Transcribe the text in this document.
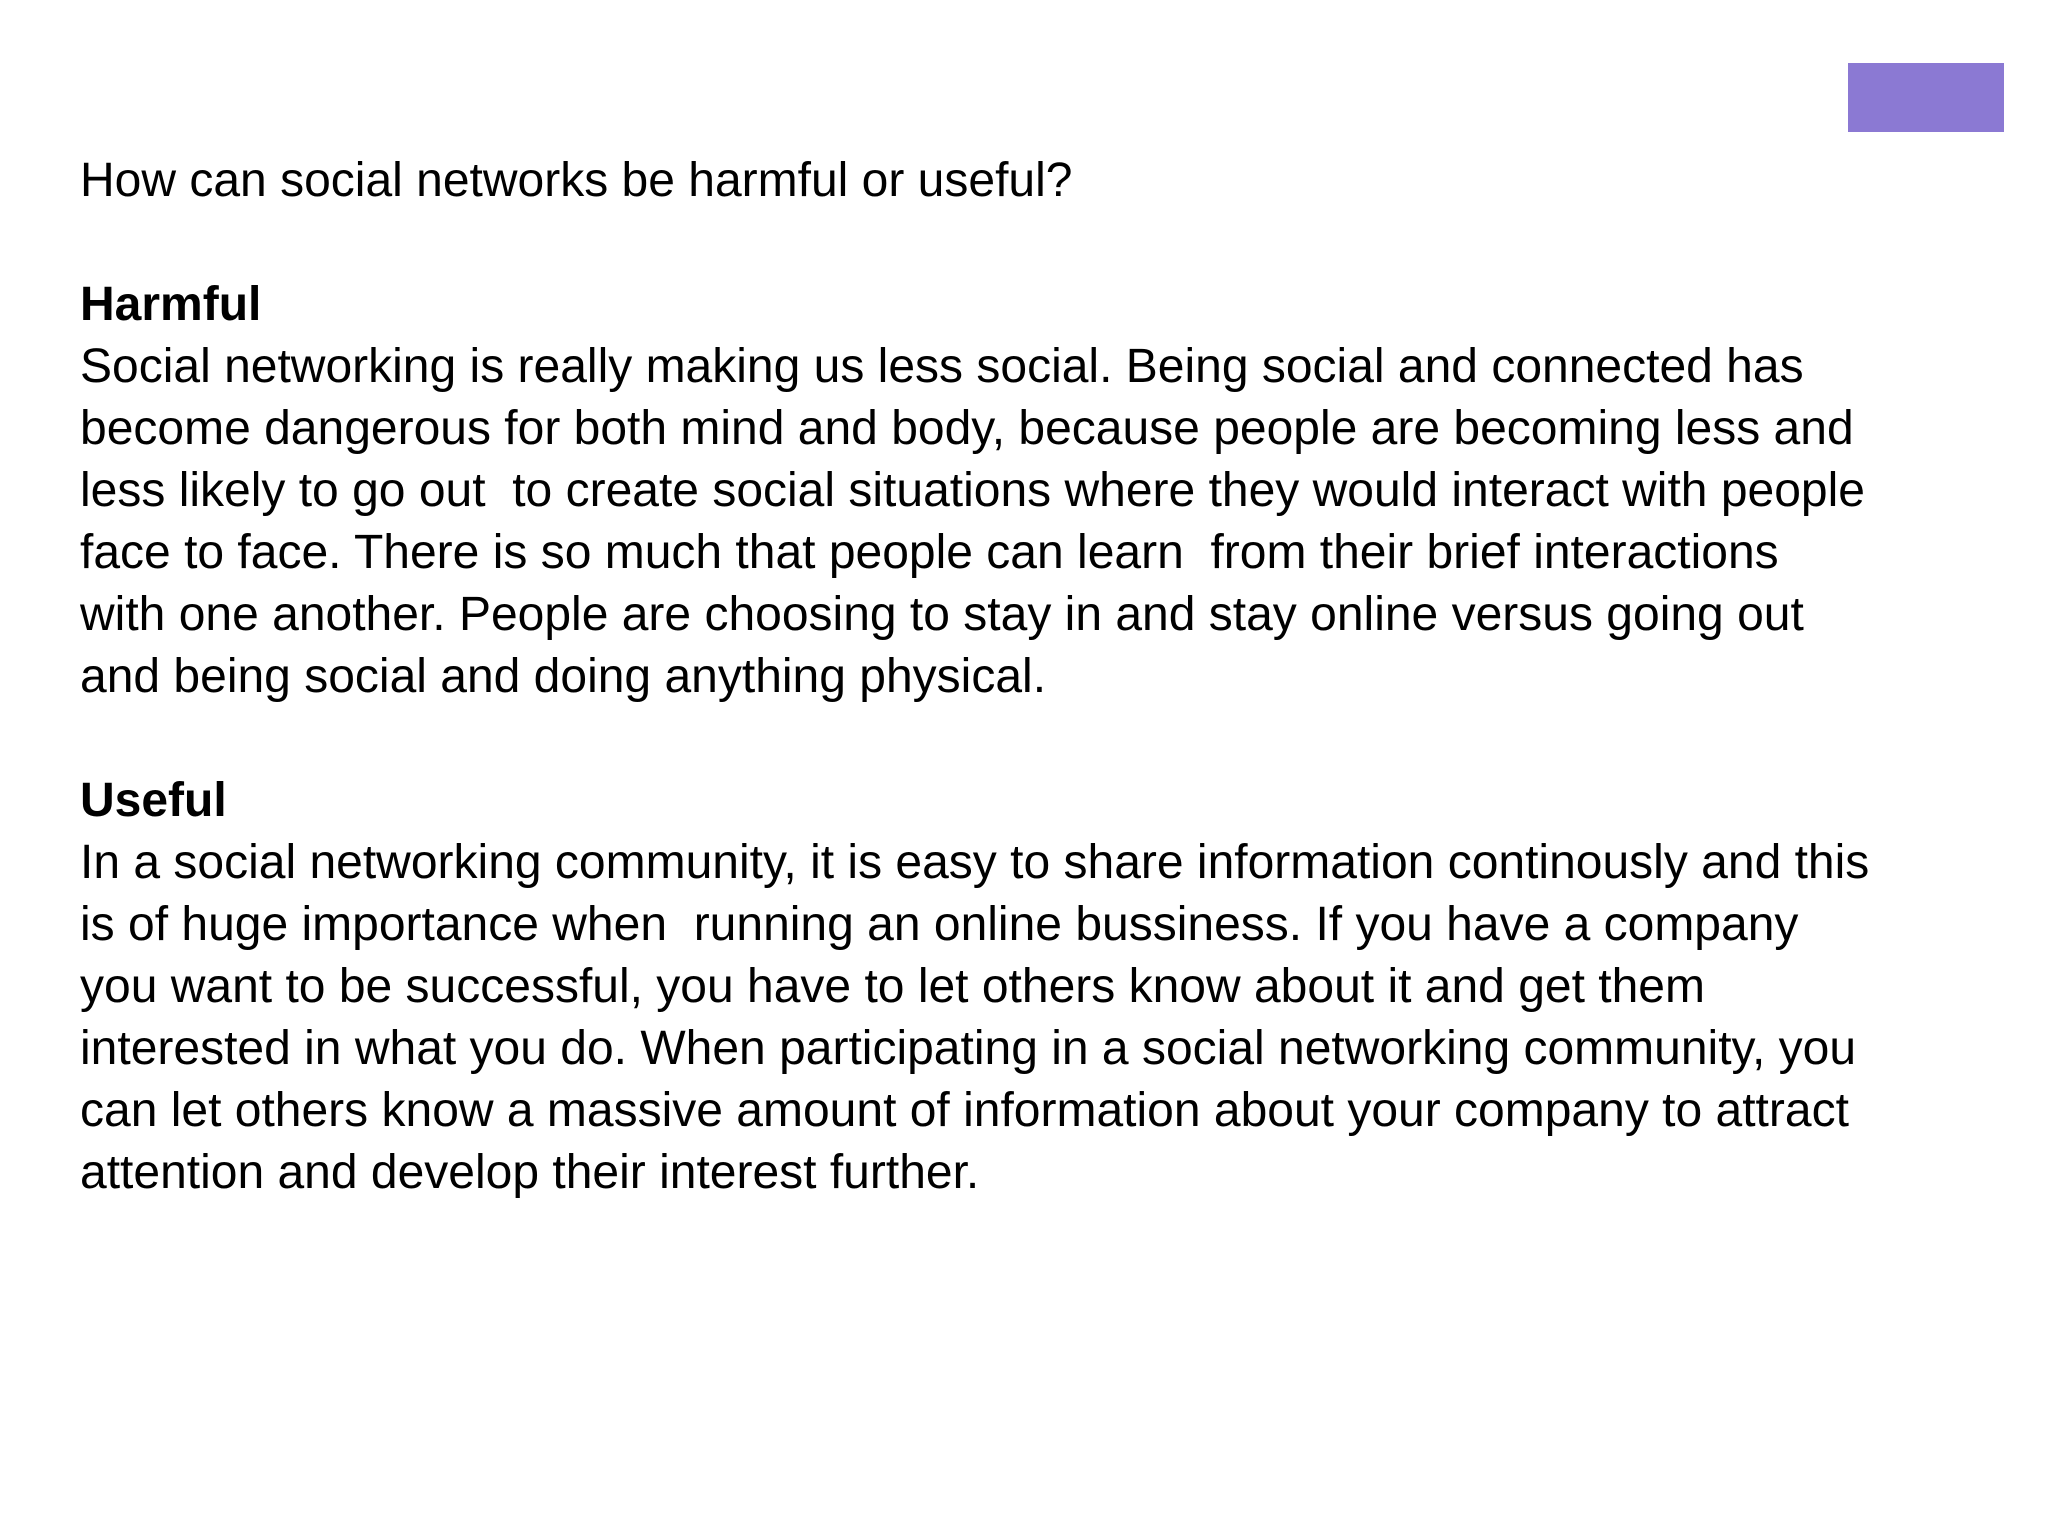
How can social networks be harmful or useful?
Harmful
Social networking is really making us less social. Being social and connected has
become dangerous for both mind and body, because people are becoming less and
less likely to go out  to create social situations where they would interact with people
face to face. There is so much that people can learn  from their brief interactions
with one another. People are choosing to stay in and stay online versus going out
and being social and doing anything physical.
Useful
In a social networking community, it is easy to share information continously and this
is of huge importance when  running an online bussiness. If you have a company
you want to be successful, you have to let others know about it and get them
interested in what you do. When participating in a social networking community, you
can let others know a massive amount of information about your company to attract
attention and develop their interest further.
